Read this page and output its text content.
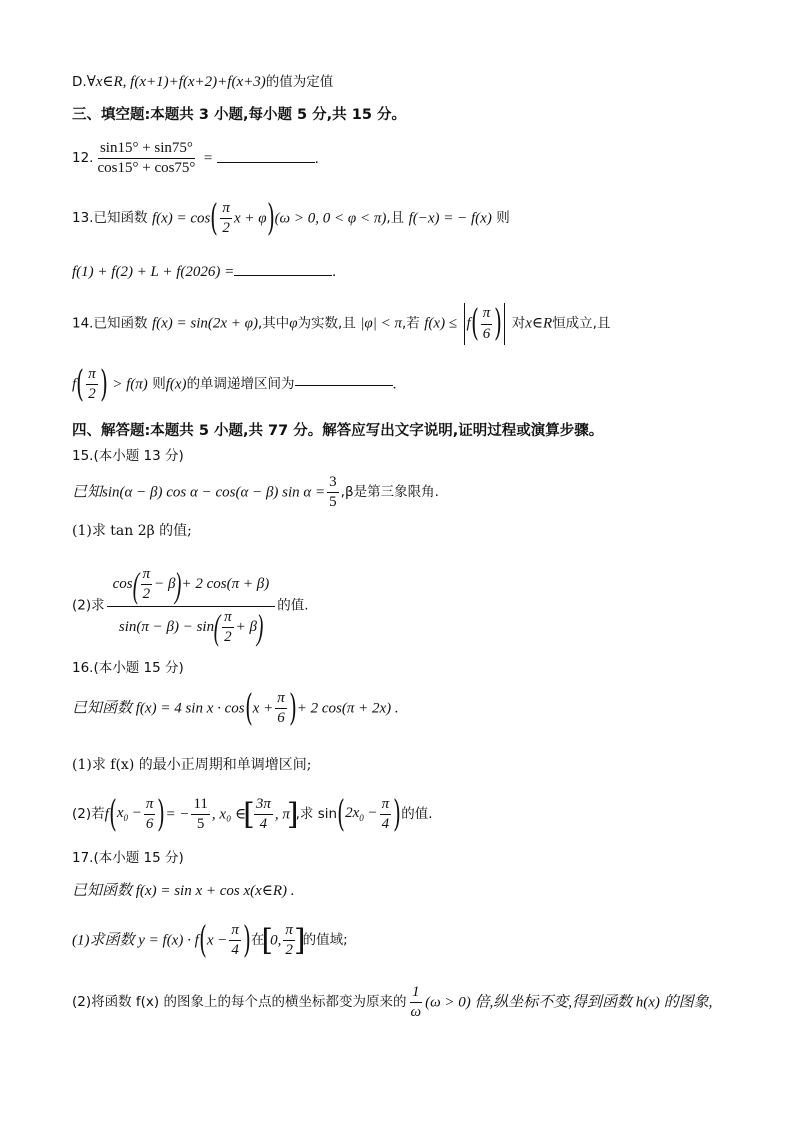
D.∀x∈R, f(x+1)+f(x+2)+f(x+3)的值为定值
三、填空题:本题共 3 小题,每小题 5 分,共 15 分。
12. $\frac{\sin 15^\circ + \sin 75^\circ}{\cos 15^\circ + \cos 75^\circ}$ =	.
13.已知函数 $f(x) = \cos( \frac{\pi}{2}$ x + φ)(ω > 0, 0 < φ < π),且 f(−x) = − f(x) 则
f(1) + f(2) + L + f(2026) =	.
14.已知函数 f(x) = sin(2x + φ),其中φ为实数,且 |φ| < π,若 $f(x) \le f( \frac{\pi}{6}$ ) 对x∈R恒成立,且
$f( \frac{\pi}{2}$ ) > f(π) 则f(x)的单调递增区间为	.
四、解答题:本题共 5 小题,共 77 分。解答应写出文字说明,证明过程或演算步骤。
15.(本小题 13 分)
已知sin(α − β) cos α − cos(α − β) $\sin \alpha = \frac{3}{5} ,\beta$是第三象限角.
(1)求 tan 2β 的值;
(2)求 $\frac{\cos( \frac{\pi}{2} - \beta)+ 2 \cos(\pi + \beta)}{\sin(\pi - \beta) - \sin( \frac{\pi}{2} + \beta)}$ 的值.
16.(本小题 15 分)
已知函数 f(x) = 4 $\sin x \cdot \cos(x + \frac{\pi}{6}$ )+ 2 cos(π + 2x) .
(1)求 f(x) 的最小正周期和单调增区间;
(2)若$f(x_0 - \frac{\pi}{6}$ )= − $\frac{11}{5}$ , x₀ ∈[ $\frac{3\pi}{4}$ , π],求 $\sin(2x_0 - \frac{\pi}{4}$ )的值.
17.(本小题 15 分)
已知函数 f(x) = sin x + cos x(x∈R) .
(1)求函数 $y = f(x) \cdot f(x - \frac{\pi}{4}$ )在[0, $\frac{\pi}{2}$ ]的值域;
(2)将函数 f(x) 的图象上的每个点的横坐标都变为原来的 $\frac{1}{\omega} (\omega > 0)$ 倍,纵坐标不变,得到函数 h(x) 的图象,
